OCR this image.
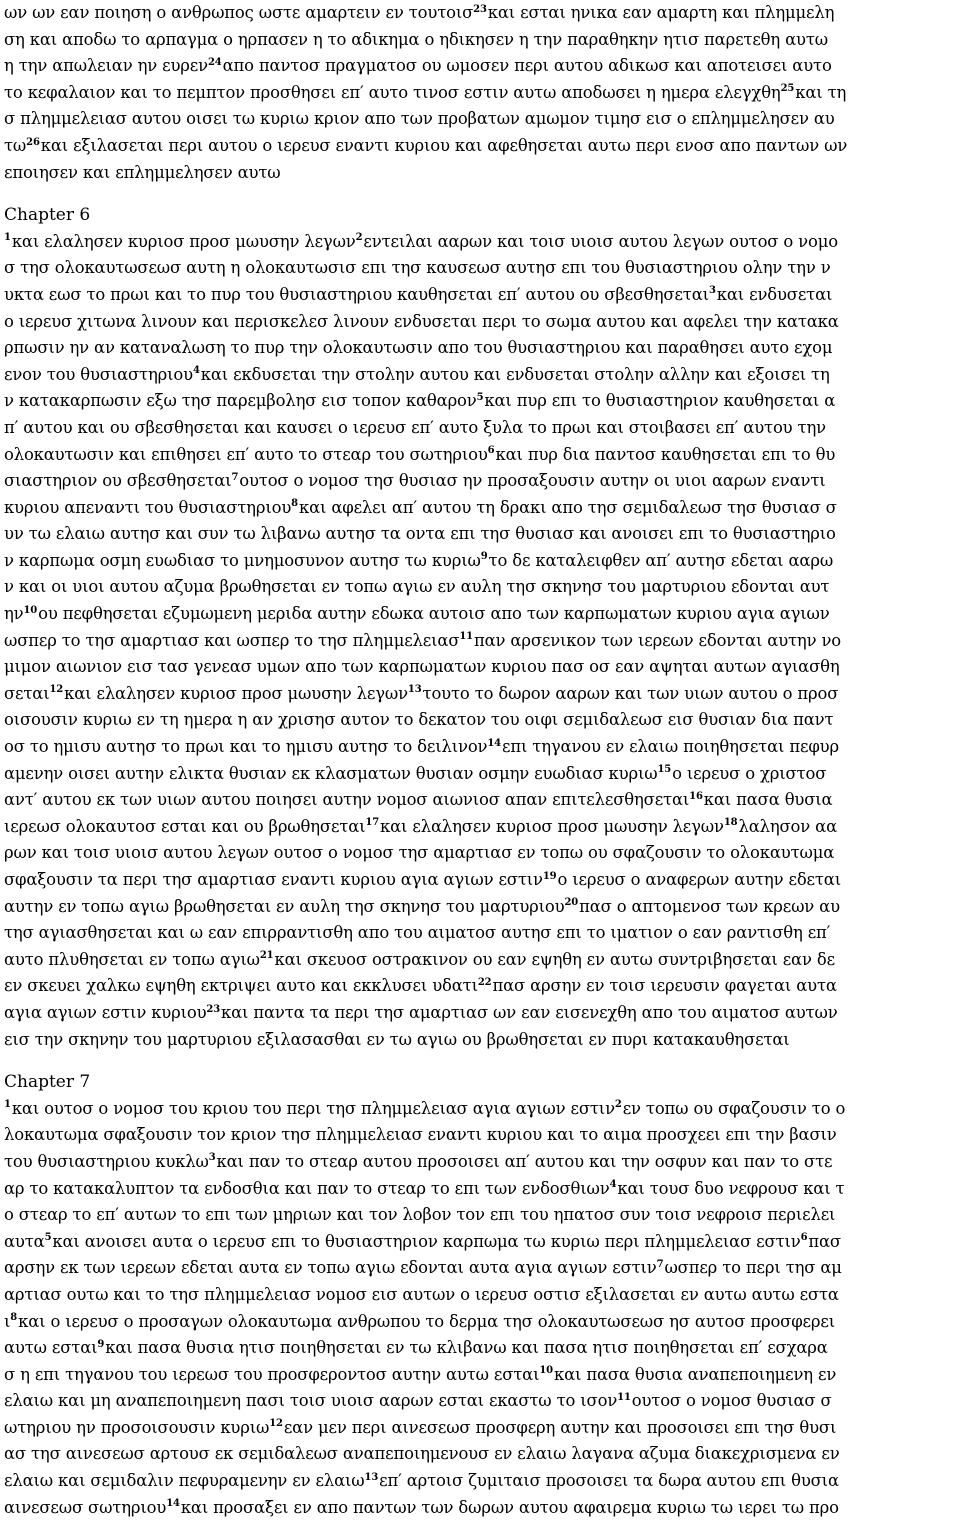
ων ων εαν ποιηση ο ανθρωπος ωστε αμαρτειν εν τουτοισ$^{23}$και εσται ηνικα εαν αμαρτη και πλημμελη
ση και αποδω το αρπαγμα ο ηρπασεν η το αδικημα ο ηδικησεν η την παραθηκην ητισ παρετεθη αυτω
η την απωλειαν ην ευρεν$^{24}$απο παντοσ πραγματοσ ου ωμοσεν περι αυτου αδικωσ και αποτεισει αυτο
το κεφαλαιον και το πεμπτον προσθησει επ′ αυτο τινοσ εστιν αυτω αποδωσει η ημερα ελεγχθη$^{25}$και τη
σ πλημμελειασ αυτου οισει τω κυριω κριον απο των προβατων αμωμον τιμησ εισ ο επλημμελησεν αυ
$\tau\omega^{26}\kappa\alpha\iota$ εξιλασεται περι αυτου ο ιερευσ εναντι κυριου και αφεθησεται αυτω περι ενοσ απο παντων ων
εποιησεν και επλημμελησεν αυτω
Chapter 6
$^1$και ελαλησεν κυριοσ προσ μωυσην λεγων$^2$εντειλαι ααρων και τοισ υιοισ αυτου λεγων ουτοσ ο νομο
σ τησ ολοκαυτωσεωσ αυτη η ολοκαυτωσισ επι τησ καυσεωσ αυτησ επι του θυσιαστηριου ολην την ν
υκτα εωσ το πρωι και το πυρ του θυσιαστηριου καυθησεται επ′ αυτου ου σβεσθησεται$^3$και ενδυσεται
ο ιερευσ χιτωνα λινουν και περισκελεσ λινουν ενδυσεται περι το σωμα αυτου και αφελει την κατακα
ρπωσιν ην αν καταναλωση το πυρ την ολοκαυτωσιν απο του θυσιαστηριου και παραθησει αυτο εχομ
ενον του θυσιαστηριου$^4$και εκδυσεται την στολην αυτου και ενδυσεται στολην αλλην και εξοισει τη
ν κατακαρπωσιν εξω τησ παρεμβολησ εισ τοπον καθαρον$^5$και πυρ επι το θυσιαστηριον καυθησεται α
π′ αυτου και ου σβεσθησεται και καυσει ο ιερευσ επ′ αυτο ξυλα το πρωι και στοιβασει επ′ αυτου την
ολοκαυτωσιν και επιθησει επ′ αυτο το στεαρ του σωτηριου$^6$και πυρ δια παντοσ καυθησεται επι το θυ
σιαστηριον ου σβεσθησεται$^7$ουτοσ ο νομοσ τησ θυσιασ ην προσαξουσιν αυτην οι υιοι ααρων εναντι
κυριου απεναντι του θυσιαστηριου$^8$και αφελει απ′ αυτου τη δρακι απο τησ σεμιδαλεωσ τησ θυσιασ σ
υν τω ελαιω αυτησ και συν τω λιβανω αυτησ τα οντα επι τησ θυσιασ και ανοισει επι το θυσιαστηριο
ν καρπωμα οσμη ευωδιασ το μνημοσυνον αυτησ τω κυριω$^9$το δε καταλειφθεν απ′ αυτησ εδεται ααρω
ν και οι υιοι αυτου αζυμα βρωθησεται εν τοπω αγιω εν αυλη τησ σκηνησ του μαρτυριου εδονται αυτ
$\eta\nu^{10}o\upsilon$ πεφθησεται εζυμωμενη μεριδα αυτην εδωκα αυτοισ απο των καρπωματων κυριου αγια αγιων
ωσπερ το τησ αμαρτιασ και ωσπερ το τησ πλημμελειασ$^{11}$παν αρσενικον των ιερεων εδονται αυτην νο
μιμον αιωνιον εισ τασ γενεασ υμων απο των καρπωματων κυριου πασ οσ εαν αψηται αυτων αγιασθη
σεται$^{12}$και ελαλησεν κυριοσ προσ μωυσην λεγων$^{13}$τουτο το δωρον ααρων και των υιων αυτου ο προσ
οισουσιν κυριω εν τη ημερα η αν χρισησ αυτον το δεκατον του οιφι σεμιδαλεωσ εισ θυσιαν δια παντ
οσ το ημισυ αυτησ το πρωι και το ημισυ αυτησ το δειλινον$^{14}$επι τηγανου εν ελαιω ποιηθησεται πεφυρ
αμενην οισει αυτην ελικτα θυσιαν εκ κλασματων θυσιαν οσμην ευωδιασ κυριω$^{15}$ο ιερευσ ο χριστοσ
αντ′ αυτου εκ των υιων αυτου ποιησει αυτην νομοσ αιωνιοσ απαν επιτελεσθησεται$^{16}$και πασα θυσια
ιερεωσ ολοκαυτοσ εσται και ου βρωθησεται$^{17}$και ελαλησεν κυριοσ προσ μωυσην λεγων$^{18}$λαλησον αα
ρων και τοισ υιοισ αυτου λεγων ουτοσ ο νομοσ τησ αμαρτιασ εν τοπω ου σφαζουσιν το ολοκαυτωμα
σφαξουσιν τα περι τησ αμαρτιασ εναντι κυριου αγια αγιων εστιν$^{19}$ο ιερευσ ο αναφερων αυτην εδεται
αυτην εν τοπω αγιω βρωθησεται εν αυλη τησ σκηνησ του μαρτυριου$^{20}$πασ ο απτομενοσ των κρεων αυ
τησ αγιασθησεται και ω εαν επιρραντισθη απο του αιματοσ αυτησ επι το ιματιον ο εαν ραντισθη επ′
αυτο πλυθησεται εν τοπω αγιω$^{21}$και σκευοσ οστρακινον ου εαν εψηθη εν αυτω συντριβησεται εαν δε
εν σκευει χαλκω εψηθη εκτριψει αυτο και εκκλυσει υδατι$^{22}$πασ αρσην εν τοισ ιερευσιν φαγεται αυτα
αγια αγιων εστιν κυριου$^{23}$και παντα τα περι τησ αμαρτιασ ων εαν εισενεχθη απο του αιματοσ αυτων
εισ την σκηνην του μαρτυριου εξιλασασθαι εν τω αγιω ου βρωθησεται εν πυρι κατακαυθησεται
Chapter 7
$^1$και ουτοσ ο νομοσ του κριου του περι τησ πλημμελειασ αγια αγιων εστιν$^2$εν τοπω ου σφαζουσιν το ο
λοκαυτωμα σφαξουσιν τον κριον τησ πλημμελειασ εναντι κυριου και το αιμα προσχεει επι την βασιν
του θυσιαστηριου κυκλω$^3$και παν το στεαρ αυτου προσοισει απ′ αυτου και την οσφυν και παν το στε
αρ το κατακαλυπτον τα ενδοσθια και παν το στεαρ το επι των ενδοσθιων$^4$και τουσ δυο νεφρουσ και τ
ο στεαρ το επ′ αυτων το επι των μηριων και τον λοβον τον επι του ηπατοσ συν τοισ νεφροισ περιελει
αυτα$^5$και ανοισει αυτα ο ιερευσ επι το θυσιαστηριον καρπωμα τω κυριω περι πλημμελειασ εστιν$^6$πασ
αρσην εκ των ιερεων εδεται αυτα εν τοπω αγιω εδονται αυτα αγια αγιων εστιν$^7$ωσπερ το περι τησ αμ
αρτιασ ουτω και το τησ πλημμελειασ νομοσ εισ αυτων ο ιερευσ οστισ εξιλασεται εν αυτω αυτω εστα
$\iota^8\kappa\alpha\iota$ ο ιερευσ ο προσαγων ολοκαυτωμα ανθρωπου το δερμα τησ ολοκαυτωσεωσ ησ αυτοσ προσφερει
αυτω εσται$^9$και πασα θυσια ητισ ποιηθησεται εν τω κλιβανω και πασα ητισ ποιηθησεται επ′ εσχαρα
σ η επι τηγανου του ιερεωσ του προσφεροντοσ αυτην αυτω εσται$^{10}$και πασα θυσια αναπεποιημενη εν
ελαιω και μη αναπεποιημενη πασι τοισ υιοισ ααρων εσται εκαστω το ισον$^{11}$ουτοσ ο νομοσ θυσιασ σ
ωτηριου ην προσοισουσιν κυριω$^{12}$εαν μεν περι αινεσεωσ προσφερη αυτην και προσοισει επι τησ θυσι
ασ τησ αινεσεωσ αρτουσ εκ σεμιδαλεωσ αναπεποιημενουσ εν ελαιω λαγανα αζυμα διακεχρισμενα εν
ελαιω και σεμιδαλιν πεφυραμενην εν ελαιω$^{13}$επ′ αρτοισ ζυμιταισ προσοισει τα δωρα αυτου επι θυσια
αινεσεωσ σωτηριου$^{14}$και προσαξει εν απο παντων των δωρων αυτου αφαιρεμα κυριω τω ιερει τω προ
